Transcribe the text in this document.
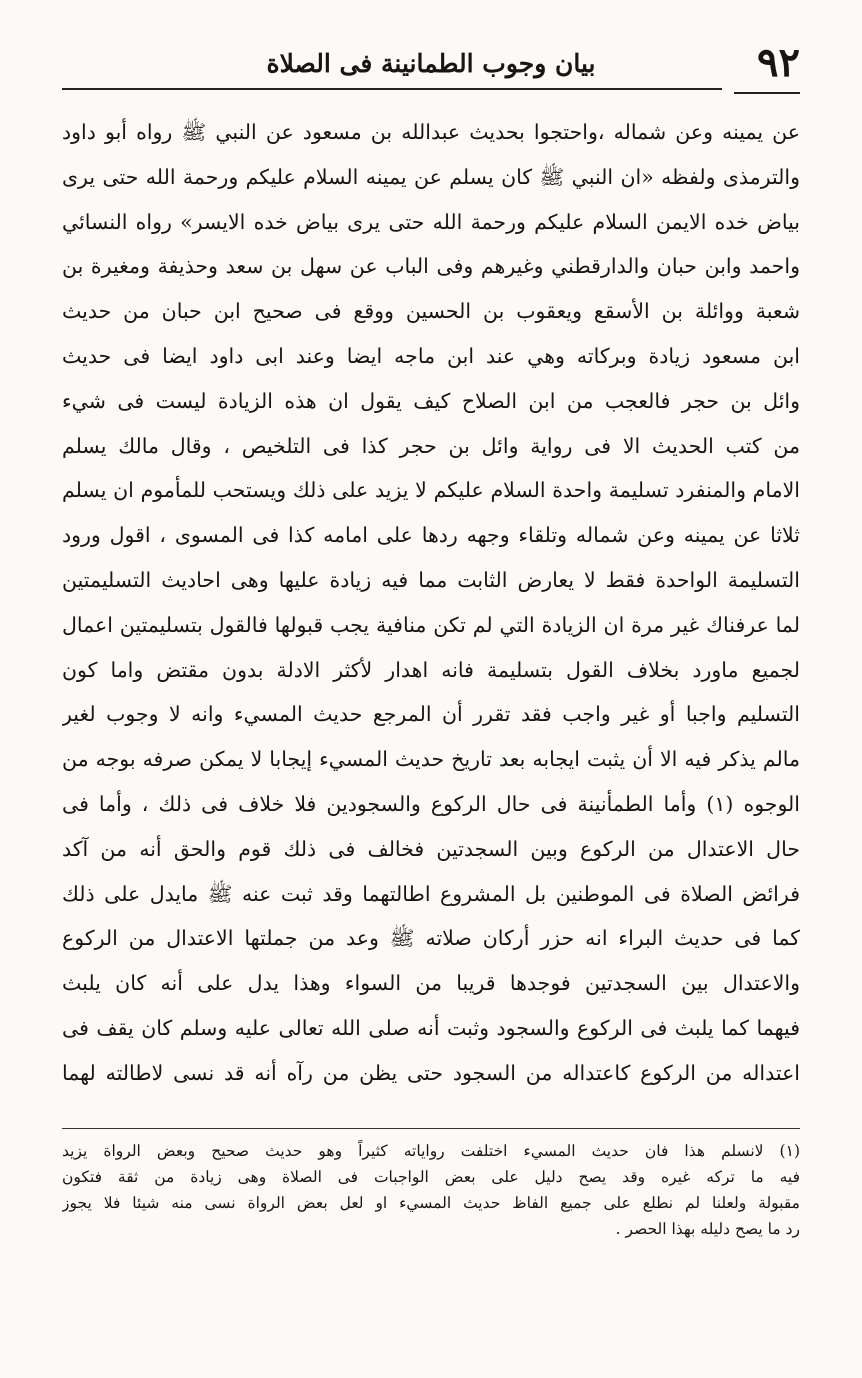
٩٢
بيان وجوب الطمانينة فى الصلاة
عن يمينه وعن شماله ،واحتجوا بحديث عبدالله بن مسعود عن النبي ﷺ رواه أبو داود
والترمذى ولفظه «ان النبي ﷺ كان يسلم عن يمينه السلام عليكم ورحمة الله حتى يرى
بياض خده الايمن السلام عليكم ورحمة الله حتى يرى بياض خده الايسر» رواه النسائي
واحمد وابن حبان والدارقطني وغيرهم وفى الباب عن سهل بن سعد وحذيفة ومغيرة بن
شعبة ووائلة بن الأسقع ويعقوب بن الحسين ووقع فى صحيح ابن حبان من حديث
ابن مسعود زيادة وبركاته وهي عند ابن ماجه ايضا وعند ابى داود ايضا فى حديث
وائل بن حجر فالعجب من ابن الصلاح كيف يقول ان هذه الزيادة ليست فى شيء
من كتب الحديث الا فى رواية وائل بن حجر كذا فى التلخيص ، وقال مالك يسلم
الامام والمنفرد تسليمة واحدة السلام عليكم لا يزيد على ذلك ويستحب للمأموم ان يسلم
ثلاثا عن يمينه وعن شماله وتلقاء وجهه ردها على امامه كذا فى المسوى ، اقول ورود
التسليمة الواحدة فقط لا يعارض الثابت مما فيه زيادة عليها وهى احاديث التسليمتين
لما عرفناك غير مرة ان الزيادة التي لم تكن منافية يجب قبولها فالقول بتسليمتين اعمال
لجميع ماورد بخلاف القول بتسليمة فانه اهدار لأكثر الادلة بدون مقتض واما كون
التسليم واجبا أو غير واجب فقد تقرر أن المرجع حديث المسيء وانه لا وجوب لغير
مالم يذكر فيه الا أن يثبت ايجابه بعد تاريخ حديث المسيء إيجابا لا يمكن صرفه بوجه من
الوجوه (١) وأما الطمأنينة فى حال الركوع والسجودين فلا خلاف فى ذلك ، وأما فى
حال الاعتدال من الركوع وبين السجدتين فخالف فى ذلك قوم والحق أنه من آكد
فرائض الصلاة فى الموطنين بل المشروع اطالتهما وقد ثبت عنه ﷺ مايدل على ذلك
كما فى حديث البراء انه حزر أركان صلاته ﷺ وعد من جملتها الاعتدال من الركوع
والاعتدال بين السجدتين فوجدها قريبا من السواء وهذا يدل على أنه كان يلبث
فيهما كما يلبث فى الركوع والسجود وثبت أنه صلى الله تعالى عليه وسلم كان يقف فى
اعتداله من الركوع كاعتداله من السجود حتى يظن من رآه أنه قد نسى لاطالته لهما
(١) لانسلم هذا فان حديث المسيء اختلفت رواياته كثيراً وهو حديث صحيح وبعض الرواة يزيد
فيه ما تركه غيره وقد يصح دليل على بعض الواجبات فى الصلاة وهى زيادة من ثقة فتكون
مقبولة ولعلنا لم نطلع على جميع الفاظ حديث المسيء او لعل بعض الرواة نسى منه شيئا فلا يجوز
رد ما يصح دليله بهذا الحصر .
